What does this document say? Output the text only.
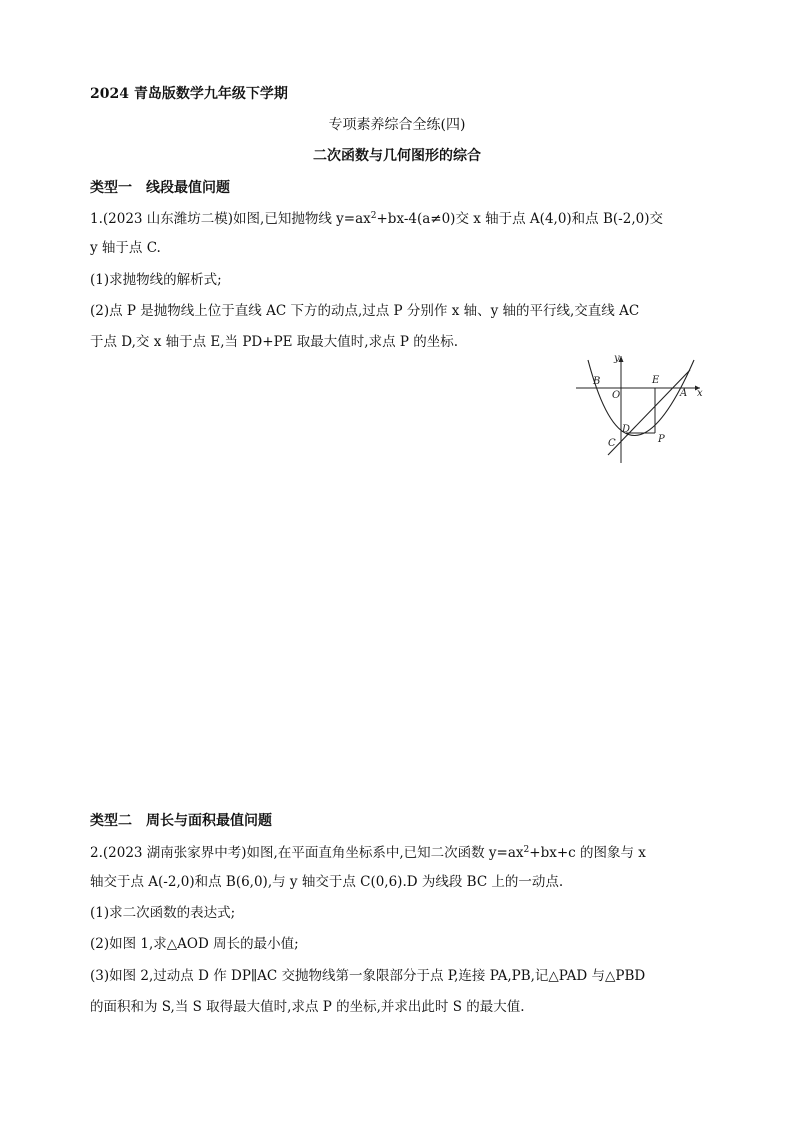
2024 青岛版数学九年级下学期
专项素养综合全练(四)
二次函数与几何图形的综合
类型一　线段最值问题
1.(2023 山东潍坊二模)如图,已知抛物线 $y=ax^2+bx-4(a\ne 0)$交 x 轴于点 A(4,0)和点 B(-2,0)交
y 轴于点 C.
(1)求抛物线的解析式;
(2)点 P 是抛物线上位于直线 AC 下方的动点,过点 P 分别作 x 轴、y 轴的平行线,交直线 AC
于点 D,交 x 轴于点 E,当 PD+PE 取最大值时,求点 P 的坐标.
y
x
O
B	E
A
C
D
P
类型二　周长与面积最值问题
2.(2023 湖南张家界中考)如图,在平面直角坐标系中,已知二次函数 $y=ax^2+bx+c$ 的图象与 x
轴交于点 A(-2,0)和点 B(6,0),与 y 轴交于点 C(0,6).D 为线段 BC 上的一动点.
(1)求二次函数的表达式;
(2)如图 1,求△AOD 周长的最小值;
(3)如图 2,过动点 D 作 DP∥AC 交抛物线第一象限部分于点 P,连接 PA,PB,记△PAD 与△PBD
的面积和为 S,当 S 取得最大值时,求点 P 的坐标,并求出此时 S 的最大值.
